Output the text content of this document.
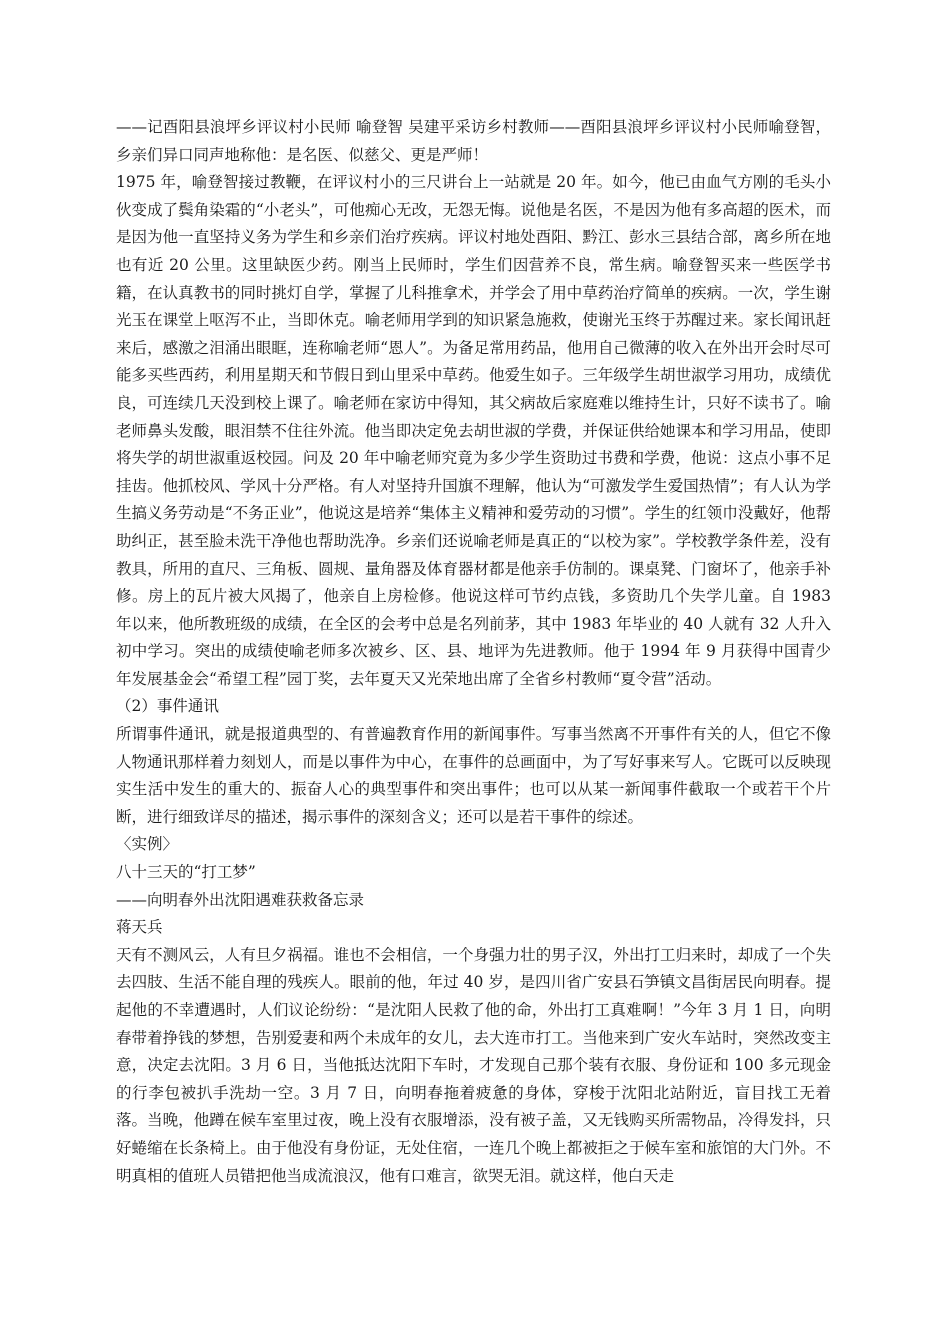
——记酉阳县浪坪乡评议村小民师 喻登智 吴建平采访乡村教师——酉阳县浪坪乡评议村小民师喻登智，乡亲们异口同声地称他：是名医、似慈父、更是严师！

1975 年，喻登智接过教鞭，在评议村小的三尺讲台上一站就是 20 年。如今，他已由血气方刚的毛头小伙变成了鬓角染霜的“小老头”，可他痴心无改，无怨无悔。说他是名医，不是因为他有多高超的医术，而是因为他一直坚持义务为学生和乡亲们治疗疾病。评议村地处酉阳、黔江、彭水三县结合部，离乡所在地也有近 20 公里。这里缺医少药。刚当上民师时，学生们因营养不良，常生病。喻登智买来一些医学书籍，在认真教书的同时挑灯自学，掌握了儿科推拿术，并学会了用中草药治疗简单的疾病。一次，学生谢光玉在课堂上呕泻不止，当即休克。喻老师用学到的知识紧急施救，使谢光玉终于苏醒过来。家长闻讯赶来后，感激之泪涌出眼眶，连称喻老师“恩人”。为备足常用药品，他用自己微薄的收入在外出开会时尽可能多买些西药，利用星期天和节假日到山里采中草药。他爱生如子。三年级学生胡世淑学习用功，成绩优良，可连续几天没到校上课了。喻老师在家访中得知，其父病故后家庭难以维持生计，只好不读书了。喻老师鼻头发酸，眼泪禁不住往外流。他当即决定免去胡世淑的学费，并保证供给她课本和学习用品，使即将失学的胡世淑重返校园。问及 20 年中喻老师究竟为多少学生资助过书费和学费，他说：这点小事不足挂齿。他抓校风、学风十分严格。有人对坚持升国旗不理解，他认为“可激发学生爱国热情”；有人认为学生搞义务劳动是“不务正业”，他说这是培养“集体主义精神和爱劳动的习惯”。学生的红领巾没戴好，他帮助纠正，甚至脸未洗干净他也帮助洗净。乡亲们还说喻老师是真正的“以校为家”。学校教学条件差，没有教具，所用的直尺、三角板、圆规、量角器及体育器材都是他亲手仿制的。课桌凳、门窗坏了，他亲手补修。房上的瓦片被大风揭了，他亲自上房检修。他说这样可节约点钱，多资助几个失学儿童。自 1983 年以来，他所教班级的成绩，在全区的会考中总是名列前茅，其中 1983 年毕业的 40 人就有 32 人升入初中学习。突出的成绩使喻老师多次被乡、区、县、地评为先进教师。他于 1994 年 9 月获得中国青少年发展基金会“希望工程”园丁奖，去年夏天又光荣地出席了全省乡村教师“夏令营”活动。

（2）事件通讯

所谓事件通讯，就是报道典型的、有普遍教育作用的新闻事件。写事当然离不开事件有关的人，但它不像人物通讯那样着力刻划人，而是以事件为中心，在事件的总画面中，为了写好事来写人。它既可以反映现实生活中发生的重大的、振奋人心的典型事件和突出事件；也可以从某一新闻事件截取一个或若干个片断，进行细致详尽的描述，揭示事件的深刻含义；还可以是若干事件的综述。

〈实例〉

八十三天的“打工梦”

——向明春外出沈阳遇难获救备忘录

蒋天兵

天有不测风云，人有旦夕祸福。谁也不会相信，一个身强力壮的男子汉，外出打工归来时，却成了一个失去四肢、生活不能自理的残疾人。眼前的他，年过 40 岁，是四川省广安县石笋镇文昌街居民向明春。提起他的不幸遭遇时，人们议论纷纷：“是沈阳人民救了他的命，外出打工真难啊！”今年 3 月 1 日，向明春带着挣钱的梦想，告别爱妻和两个未成年的女儿，去大连市打工。当他来到广安火车站时，突然改变主意，决定去沈阳。3 月 6 日，当他抵达沈阳下车时，才发现自己那个装有衣服、身份证和 100 多元现金的行李包被扒手洗劫一空。3 月 7 日，向明春拖着疲惫的身体，穿梭于沈阳北站附近，盲目找工无着落。当晚，他蹲在候车室里过夜，晚上没有衣服增添，没有被子盖，又无钱购买所需物品，冷得发抖，只好蜷缩在长条椅上。由于他没有身份证，无处住宿，一连几个晚上都被拒之于候车室和旅馆的大门外。不明真相的值班人员错把他当成流浪汉，他有口难言，欲哭无泪。就这样，他白天走
